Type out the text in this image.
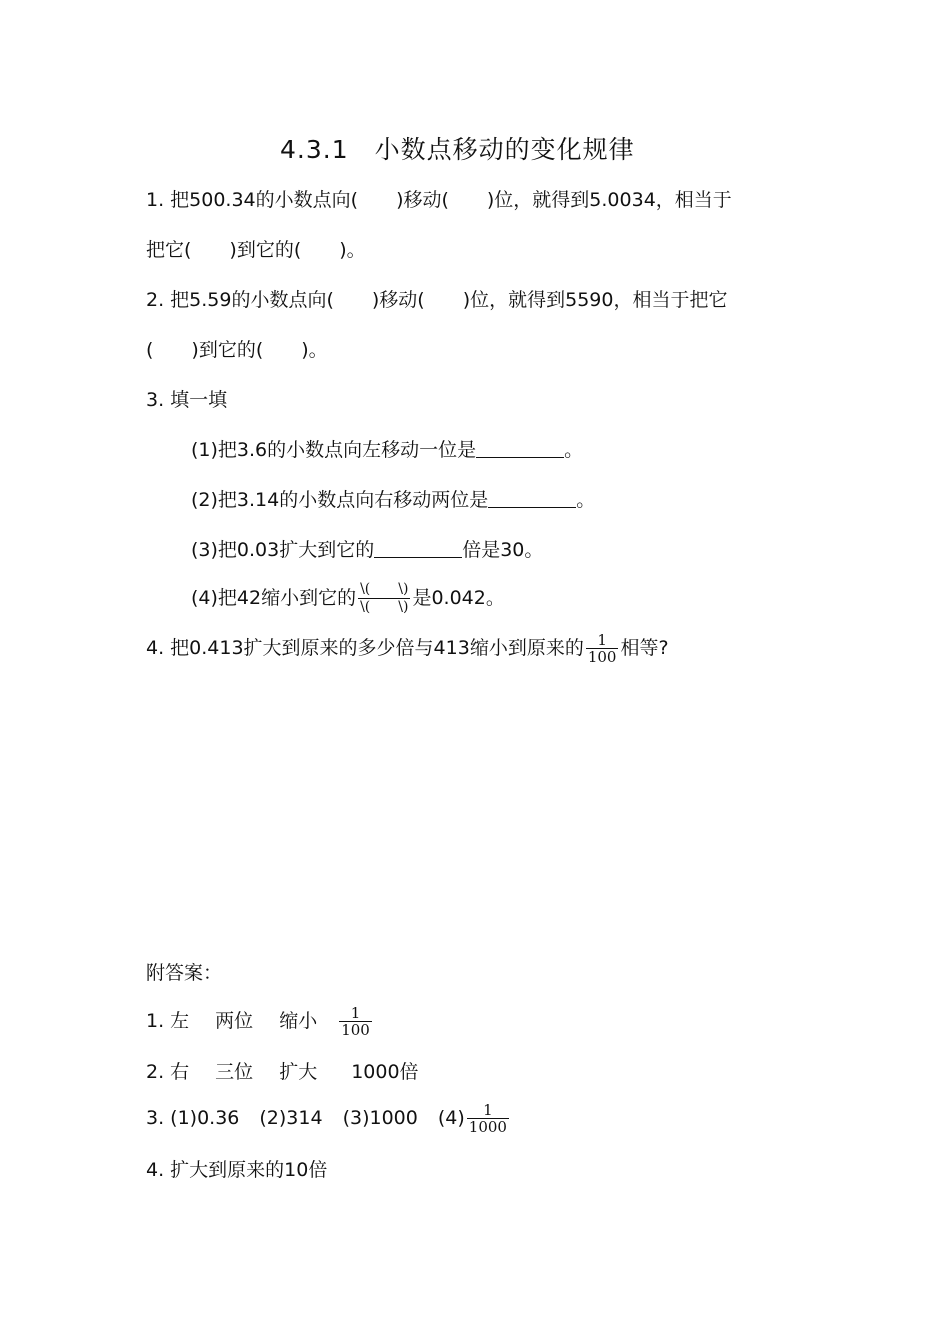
4.3.1　小数点移动的变化规律
1. 把500.34的小数点向( )移动( )位，就得到5.0034，相当于
把它( )到它的( )。
2. 把5.59的小数点向( )移动( )位，就得到5590，相当于把它
( )到它的( )。
3. 填一填
(1)把3.6的小数点向左移动一位是	。
(2)把3.14的小数点向右移动两位是	。
(3)把0.03扩大到它的	倍是30。
(4)把42缩小到它的 $\frac{\backslash( \backslash)}{\backslash( \backslash)}$ 是0.042。
4. 把0.413扩大到原来的多少倍与413缩小到原来的 $\frac{1}{100}$ 相等?
附答案：
1. 左 两位 缩小 $\frac{1}{100}$
2. 右 三位 扩大 1000倍
3. (1)0.36 (2)314 (3)1000 $(4) \frac{1}{1000}$
4. 扩大到原来的10倍
